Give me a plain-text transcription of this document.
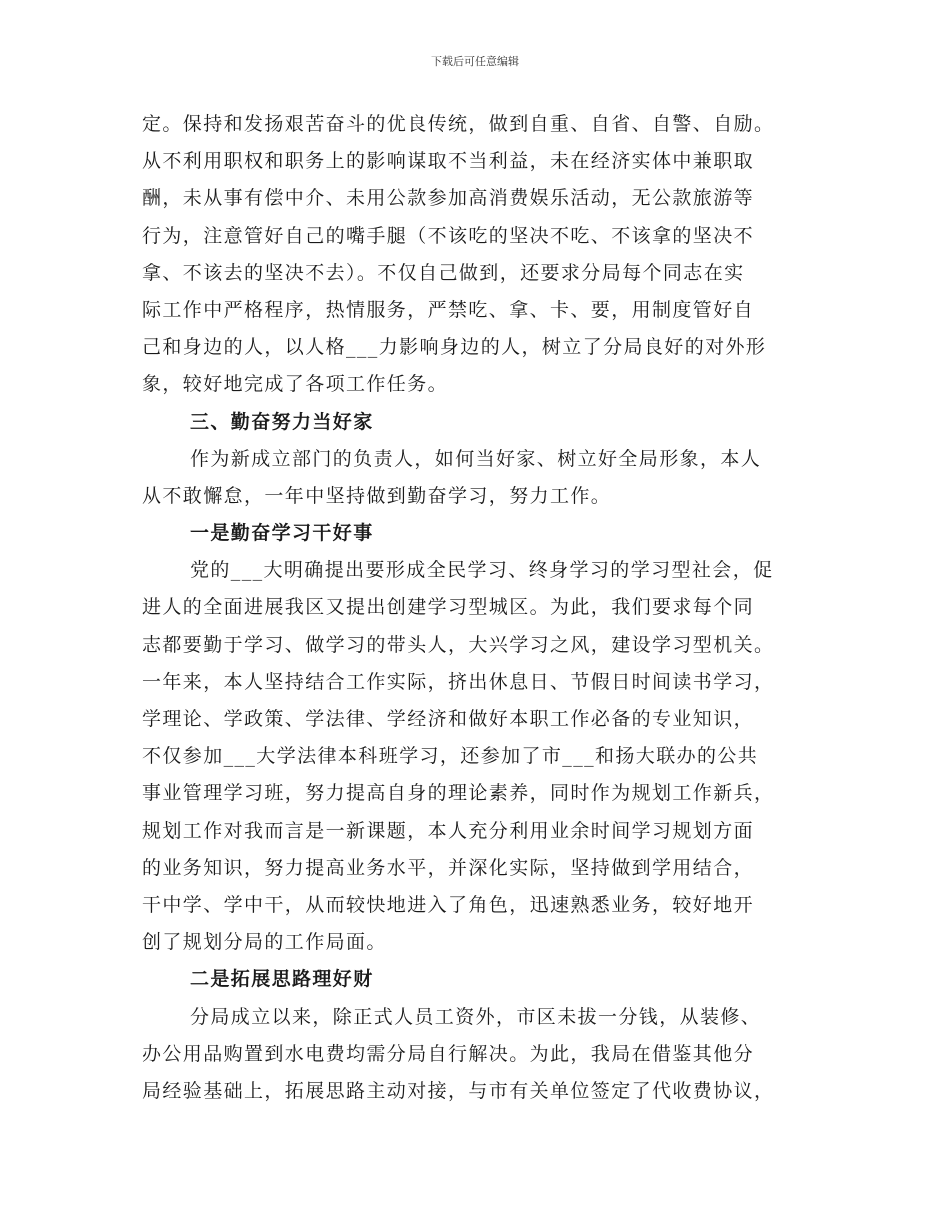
下载后可任意编辑
定。保持和发扬艰苦奋斗的优良传统，做到自重、自省、自警、自励。
从不利用职权和职务上的影响谋取不当利益，未在经济实体中兼职取
酬，未从事有偿中介、未用公款参加高消费娱乐活动，无公款旅游等
行为，注意管好自己的嘴手腿（不该吃的坚决不吃、不该拿的坚决不
拿、不该去的坚决不去）。不仅自己做到，还要求分局每个同志在实
际工作中严格程序，热情服务，严禁吃、拿、卡、要，用制度管好自
己和身边的人，以人格___力影响身边的人，树立了分局良好的对外形
象，较好地完成了各项工作任务。
三、勤奋努力当好家
作为新成立部门的负责人，如何当好家、树立好全局形象，本人
从不敢懈怠，一年中坚持做到勤奋学习，努力工作。
一是勤奋学习干好事
党的___大明确提出要形成全民学习、终身学习的学习型社会，促
进人的全面进展我区又提出创建学习型城区。为此，我们要求每个同
志都要勤于学习、做学习的带头人，大兴学习之风，建设学习型机关。
一年来，本人坚持结合工作实际，挤出休息日、节假日时间读书学习，
学理论、学政策、学法律、学经济和做好本职工作必备的专业知识，
不仅参加___大学法律本科班学习，还参加了市___和扬大联办的公共
事业管理学习班，努力提高自身的理论素养，同时作为规划工作新兵，
规划工作对我而言是一新课题，本人充分利用业余时间学习规划方面
的业务知识，努力提高业务水平，并深化实际，坚持做到学用结合，
干中学、学中干，从而较快地进入了角色，迅速熟悉业务，较好地开
创了规划分局的工作局面。
二是拓展思路理好财
分局成立以来，除正式人员工资外，市区未拔一分钱，从装修、
办公用品购置到水电费均需分局自行解决。为此，我局在借鉴其他分
局经验基础上，拓展思路主动对接，与市有关单位签定了代收费协议，
